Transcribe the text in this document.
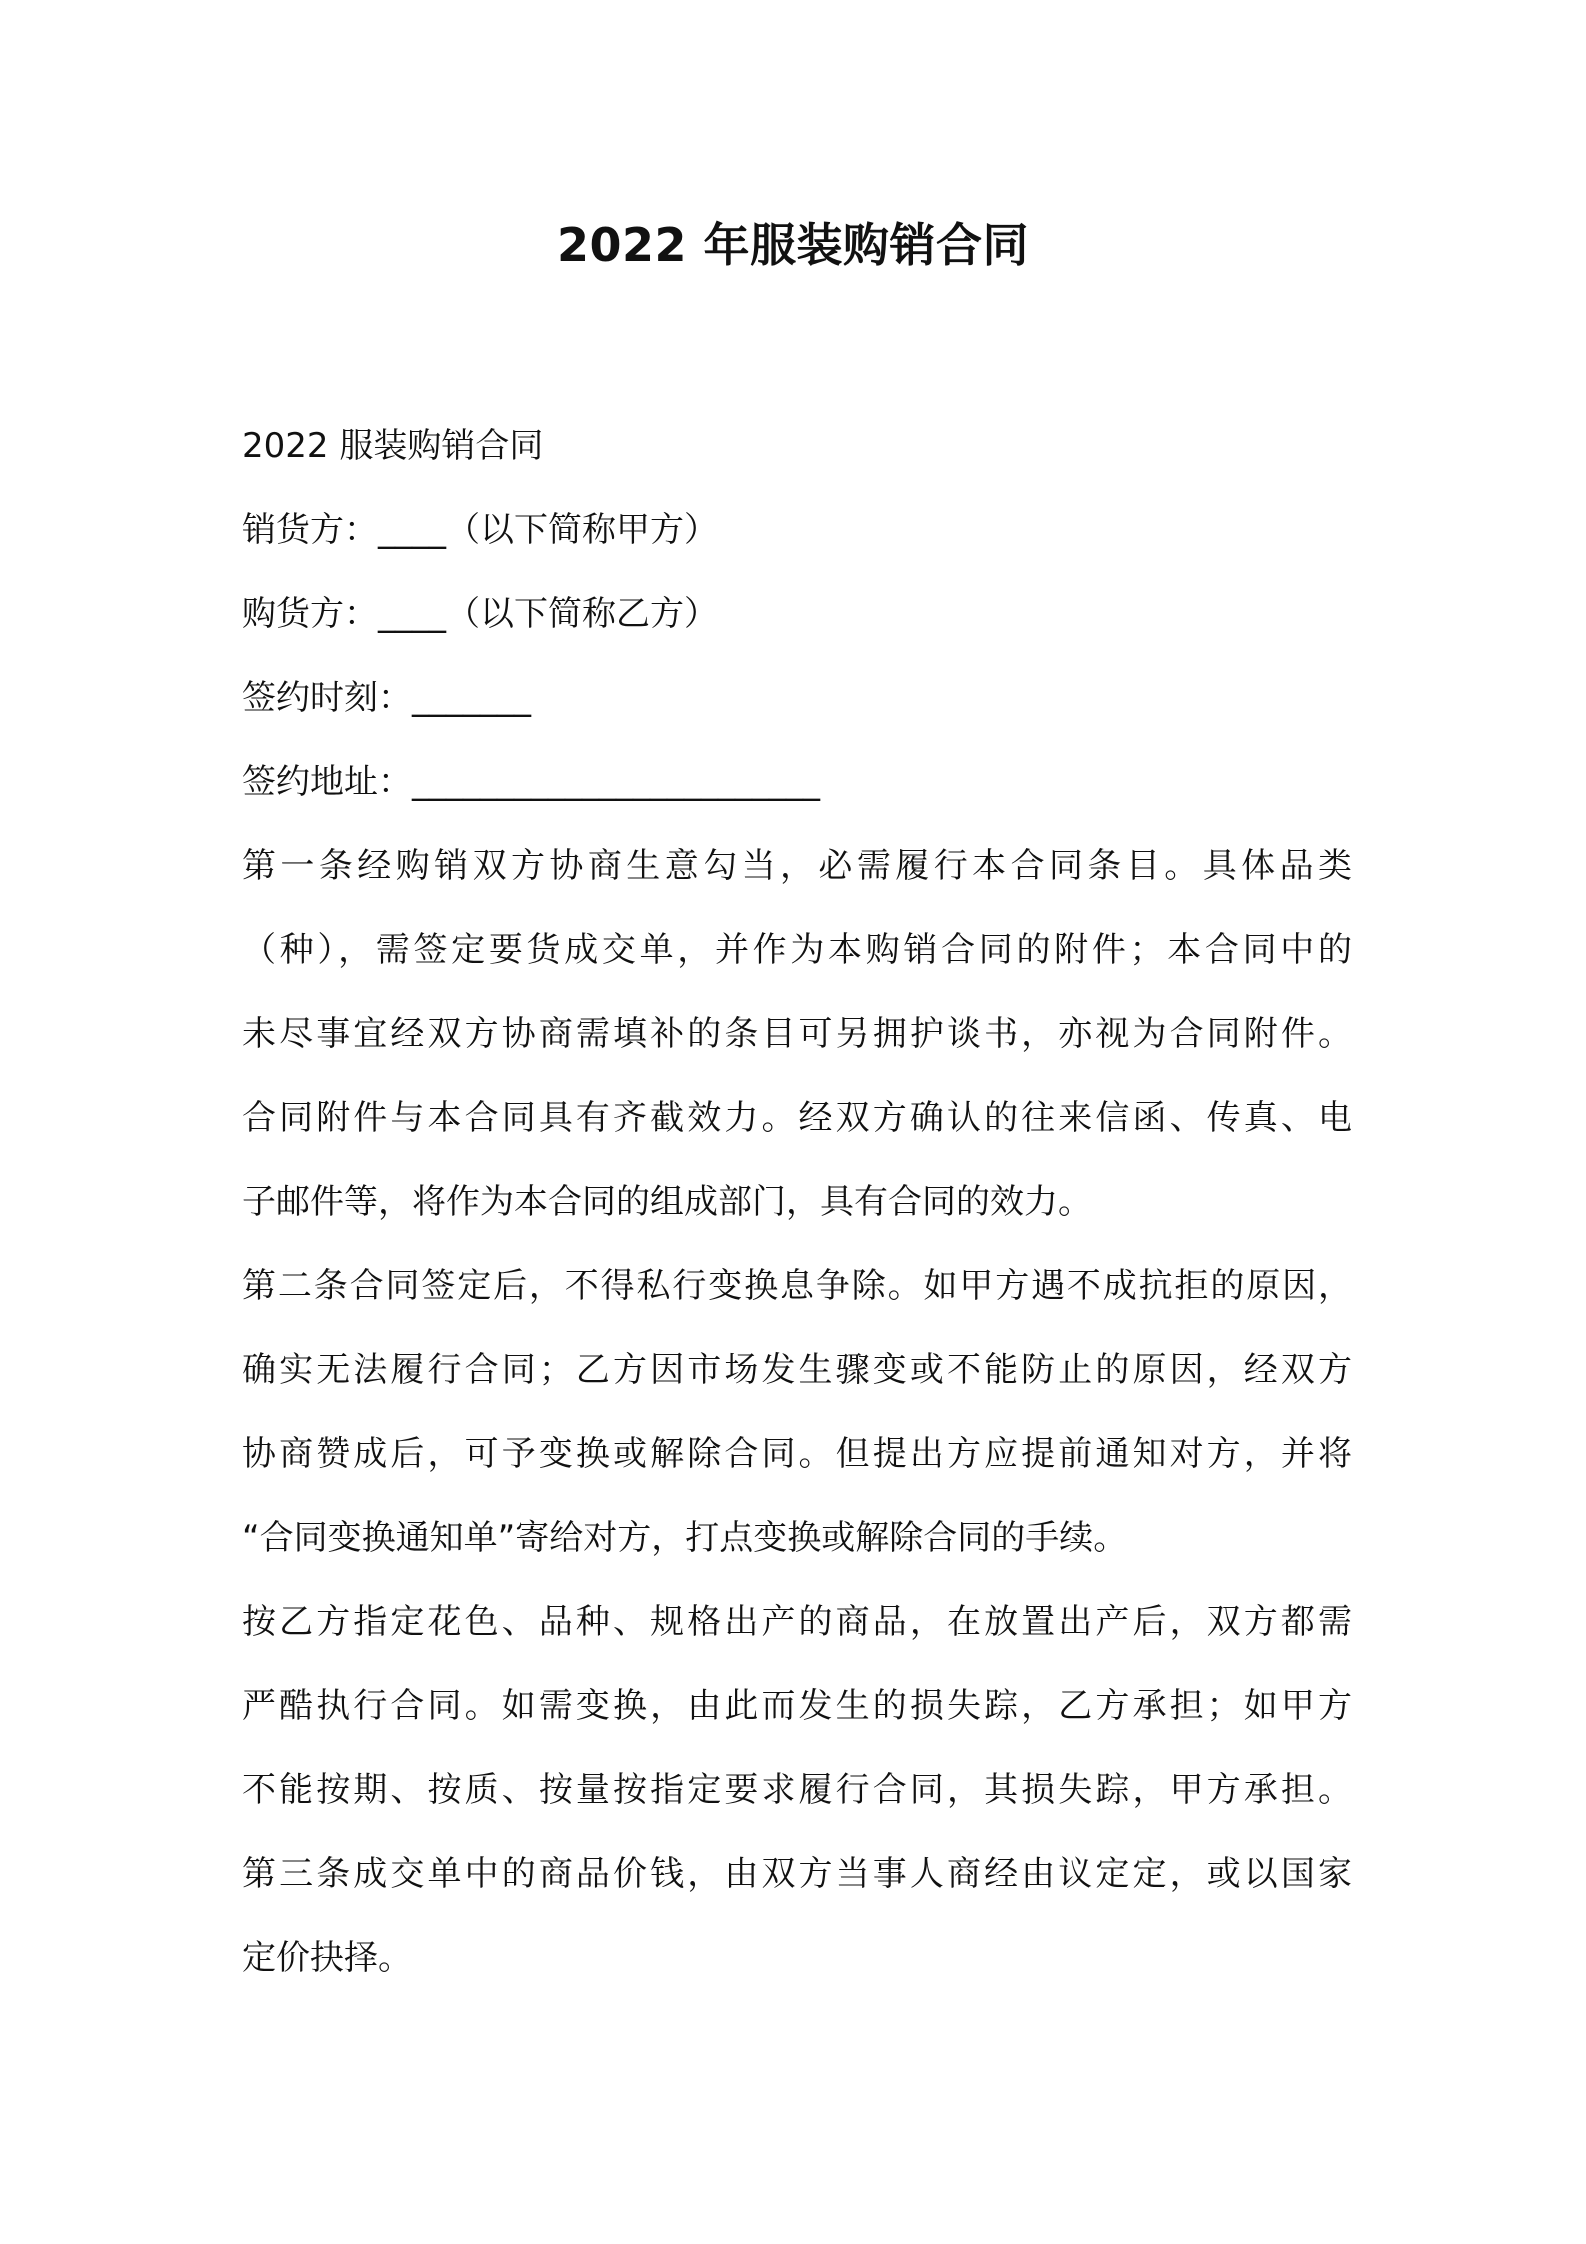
2022 年服装购销合同
2022 服装购销合同
销货方：____（以下简称甲方）
购货方：____（以下简称乙方）
签约时刻：_______
签约地址：________________________
第一条经购销双方协商生意勾当，必需履行本合同条目。具体品类
（种），需签定要货成交单，并作为本购销合同的附件；本合同中的
未尽事宜经双方协商需填补的条目可另拥护谈书，亦视为合同附件。
合同附件与本合同具有齐截效力。经双方确认的往来信函、传真、电
子邮件等，将作为本合同的组成部门，具有合同的效力。
第二条合同签定后，不得私行变换息争除。如甲方遇不成抗拒的原因，
确实无法履行合同；乙方因市场发生骤变或不能防止的原因，经双方
协商赞成后，可予变换或解除合同。但提出方应提前通知对方，并将
“合同变换通知单”寄给对方，打点变换或解除合同的手续。
按乙方指定花色、品种、规格出产的商品，在放置出产后，双方都需
严酷执行合同。如需变换，由此而发生的损失踪，乙方承担；如甲方
不能按期、按质、按量按指定要求履行合同，其损失踪，甲方承担。
第三条成交单中的商品价钱，由双方当事人商经由议定定，或以国家
定价抉择。
